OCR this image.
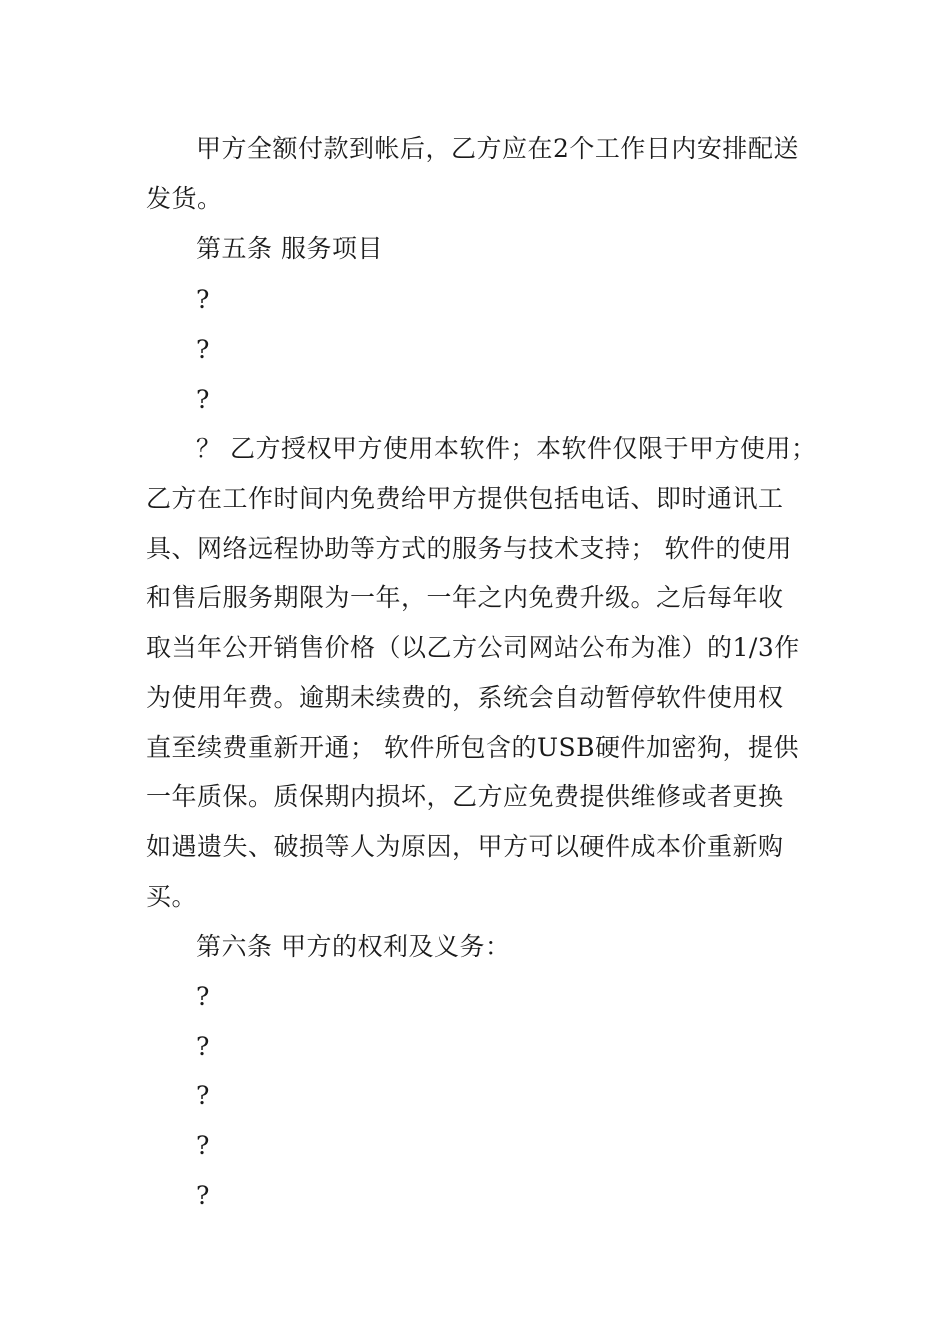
甲方全额付款到帐后，乙方应在2个工作日内安排配送
发货。
第五条 服务项目
?
?
?
？ 乙方授权甲方使用本软件；本软件仅限于甲方使用；
乙方在工作时间内免费给甲方提供包括电话、即时通讯工
具、网络远程协助等方式的服务与技术支持； 软件的使用
和售后服务期限为一年，一年之内免费升级。之后每年收
取当年公开销售价格（以乙方公司网站公布为准）的1/3作
为使用年费。逾期未续费的，系统会自动暂停软件使用权
直至续费重新开通； 软件所包含的USB硬件加密狗，提供
一年质保。质保期内损坏，乙方应免费提供维修或者更换
如遇遗失、破损等人为原因，甲方可以硬件成本价重新购
买。
第六条 甲方的权利及义务：
?
?
?
?
?
